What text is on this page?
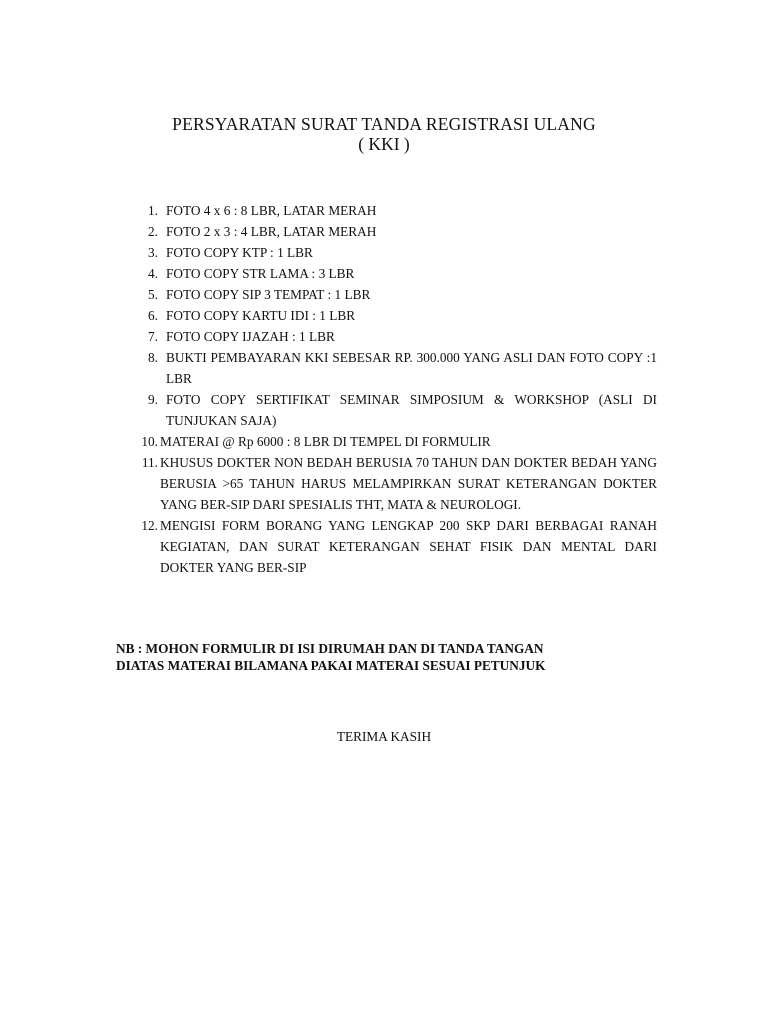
PERSYARATAN SURAT TANDA REGISTRASI ULANG
( KKI )
1. FOTO 4 x 6 : 8 LBR, LATAR MERAH
2. FOTO 2 x 3 : 4 LBR, LATAR MERAH
3. FOTO COPY KTP : 1 LBR
4. FOTO COPY STR LAMA : 3 LBR
5. FOTO COPY SIP 3 TEMPAT : 1 LBR
6. FOTO COPY KARTU IDI : 1 LBR
7. FOTO COPY IJAZAH : 1 LBR
8. BUKTI PEMBAYARAN KKI SEBESAR RP. 300.000 YANG ASLI DAN FOTO COPY :1 LBR
9. FOTO COPY SERTIFIKAT SEMINAR SIMPOSIUM & WORKSHOP (ASLI DI TUNJUKAN SAJA)
10. MATERAI @ Rp 6000 : 8 LBR DI TEMPEL DI FORMULIR
11. KHUSUS DOKTER NON BEDAH BERUSIA 70 TAHUN DAN DOKTER BEDAH YANG BERUSIA >65 TAHUN HARUS MELAMPIRKAN SURAT KETERANGAN DOKTER YANG BER-SIP DARI SPESIALIS THT, MATA & NEUROLOGI.
12. MENGISI FORM BORANG YANG LENGKAP 200 SKP DARI BERBAGAI RANAH KEGIATAN, DAN SURAT KETERANGAN SEHAT FISIK DAN MENTAL DARI DOKTER YANG BER-SIP
NB : MOHON FORMULIR DI ISI DIRUMAH DAN DI TANDA TANGAN
DIATAS MATERAI BILAMANA PAKAI MATERAI SESUAI PETUNJUK
TERIMA KASIH
